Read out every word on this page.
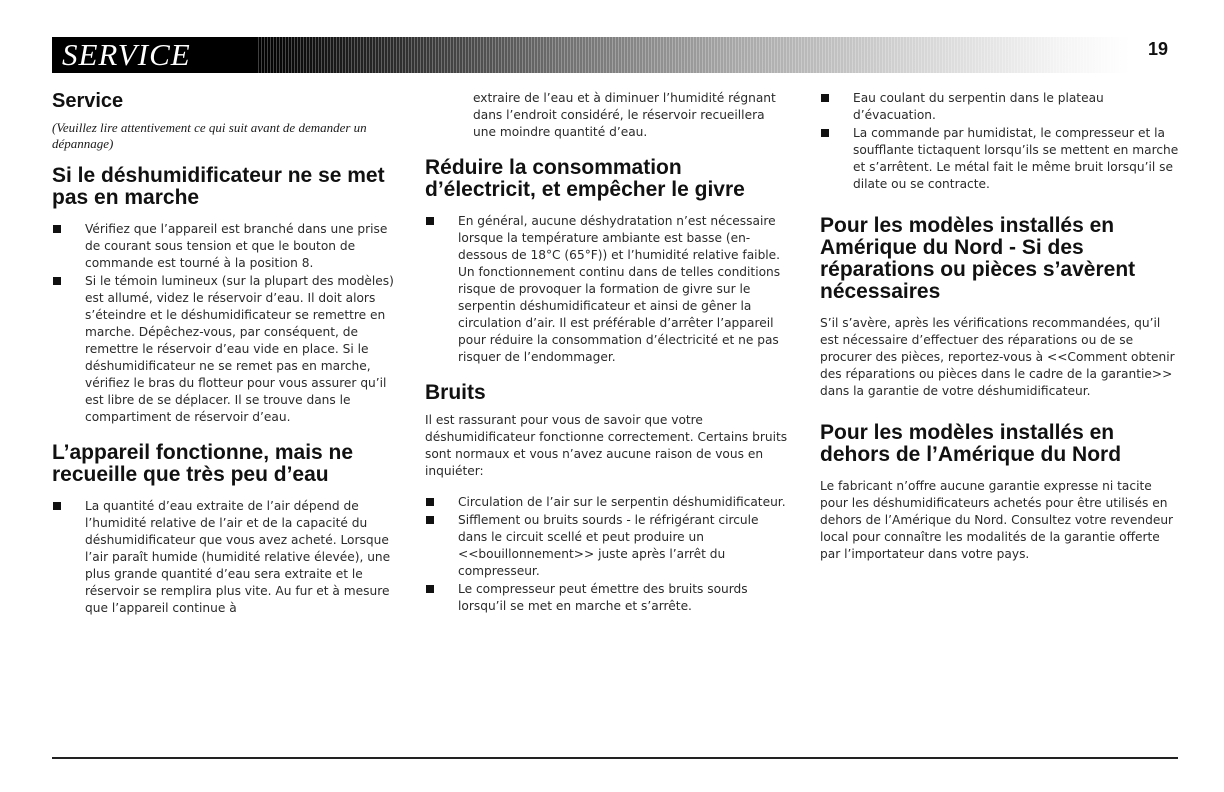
SERVICE	19
Service
(Veuillez lire attentivement ce qui suit avant de demander un dépannage)
Si le déshumidificateur ne se met pas en marche
Vérifiez que l’appareil est branché dans une prise de courant sous tension et que le bouton de commande est tourné à la position 8.
Si le témoin lumineux (sur la plupart des modèles) est allumé, videz le réservoir d’eau. Il doit alors s’éteindre et le déshumidificateur se remettre en marche. Dépêchez-vous, par conséquent, de remettre le réservoir d’eau vide en place. Si le déshumidificateur ne se remet pas en marche, vérifiez le bras du flotteur pour vous assurer qu’il est libre de se déplacer. Il se trouve dans le compartiment de réservoir d’eau.
L’appareil fonctionne, mais ne recueille que très peu d’eau
La quantité d’eau extraite de l’air dépend de l’humidité relative de l’air et de la capacité du déshumidificateur que vous avez acheté. Lorsque l’air paraît humide (humidité relative élevée), une plus grande quantité d’eau sera extraite et le réservoir se remplira plus vite. Au fur et à mesure que l’appareil continue à
extraire de l’eau et à diminuer l’humidité régnant dans l’endroit considéré, le réservoir recueillera une moindre quantité d’eau.
Réduire la consommation d’électricit, et empêcher le givre
En général, aucune déshydratation n’est nécessaire lorsque la température ambiante est basse (en-dessous de 18°C (65°F)) et l’humidité relative faible. Un fonctionnement continu dans de telles conditions risque de provoquer la formation de givre sur le serpentin déshumidificateur et ainsi de gêner la circulation d’air. Il est préférable d’arrêter l’appareil pour réduire la consommation d’électricité et ne pas risquer de l’endommager.
Bruits
Il est rassurant pour vous de savoir que votre déshumidificateur fonctionne correctement. Certains bruits sont normaux et vous n’avez aucune raison de vous en inquiéter:
Circulation de l’air sur le serpentin déshumidificateur.
Sifflement ou bruits sourds - le réfrigérant circule dans le circuit scellé et peut produire un <<bouillonnement>> juste après l’arrêt du compresseur.
Le compresseur peut émettre des bruits sourds lorsqu’il se met en marche et s’arrête.
Eau coulant du serpentin dans le plateau d’évacuation.
La commande par humidistat, le compresseur et la soufflante tictaquent lorsqu’ils se mettent en marche et s’arrêtent. Le métal fait le même bruit lorsqu’il se dilate ou se contracte.
Pour les modèles installés en Amérique du Nord - Si des réparations ou pièces s’avèrent nécessaires
S’il s’avère, après les vérifications recommandées, qu’il est nécessaire d’effectuer des réparations ou de se procurer des pièces, reportez-vous à <<Comment obtenir des réparations ou pièces dans le cadre de la garantie>> dans la garantie de votre déshumidificateur.
Pour les modèles installés en dehors de l’Amérique du Nord
Le fabricant n’offre aucune garantie expresse ni tacite pour les déshumidificateurs achetés pour être utilisés en dehors de l’Amérique du Nord. Consultez votre revendeur local pour connaître les modalités de la garantie offerte par l’importateur dans votre pays.
